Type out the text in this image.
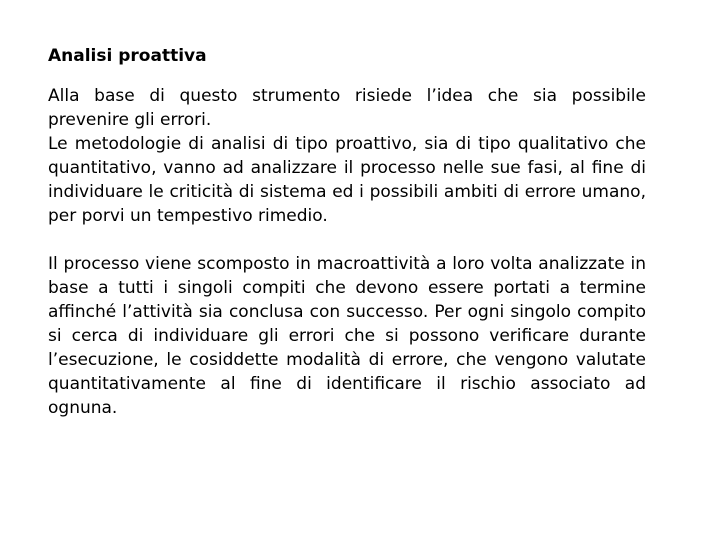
Analisi proattiva

Alla base di questo strumento risiede l’idea che sia possibile prevenire gli errori.

Le metodologie di analisi di tipo proattivo, sia di tipo qualitativo che quantitativo, vanno ad analizzare il processo nelle sue fasi, al fine di individuare le criticità di sistema ed i possibili ambiti di errore umano, per porvi un tempestivo rimedio.

Il processo viene scomposto in macroattività a loro volta analizzate in base a tutti i singoli compiti che devono essere portati a termine affinché l’attività sia conclusa con successo. Per ogni singolo compito si cerca di individuare gli errori che si possono verificare durante l’esecuzione, le cosiddette modalità di errore, che vengono valutate quantitativamente al fine di identificare il rischio associato ad ognuna.
